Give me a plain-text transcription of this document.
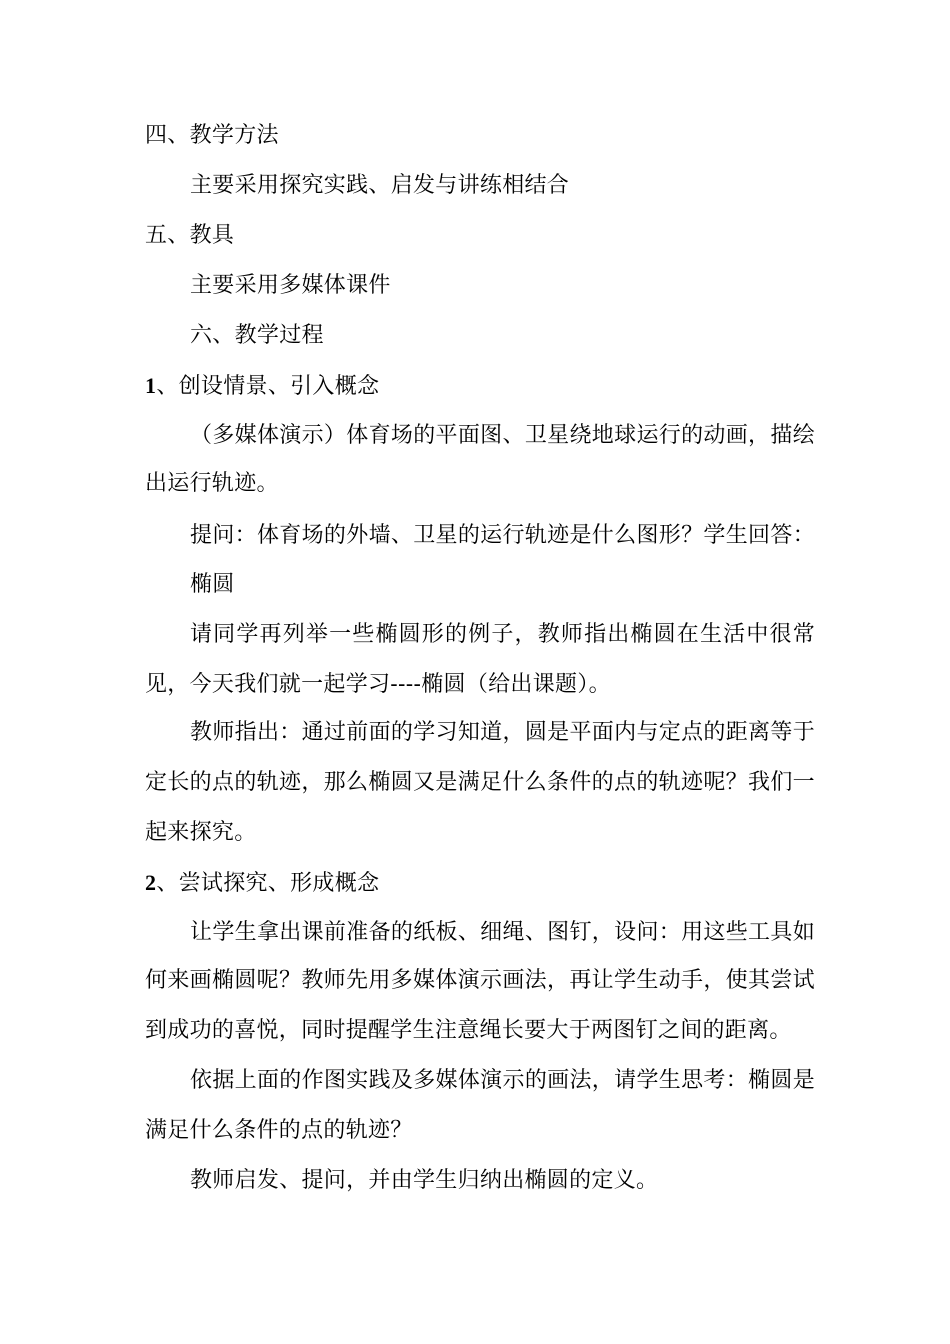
四、教学方法
主要采用探究实践、启发与讲练相结合
五、教具
主要采用多媒体课件
六、教学过程
1、创设情景、引入概念
（多媒体演示）体育场的平面图、卫星绕地球运行的动画，描绘
出运行轨迹。
提问：体育场的外墙、卫星的运行轨迹是什么图形？学生回答：
椭圆
请同学再列举一些椭圆形的例子，教师指出椭圆在生活中很常
见，今天我们就一起学习----椭圆（给出课题）。
教师指出：通过前面的学习知道，圆是平面内与定点的距离等于
定长的点的轨迹，那么椭圆又是满足什么条件的点的轨迹呢？我们一
起来探究。
2、尝试探究、形成概念
让学生拿出课前准备的纸板、细绳、图钉，设问：用这些工具如
何来画椭圆呢？教师先用多媒体演示画法，再让学生动手，使其尝试
到成功的喜悦，同时提醒学生注意绳长要大于两图钉之间的距离。
依据上面的作图实践及多媒体演示的画法，请学生思考：椭圆是
满足什么条件的点的轨迹？
教师启发、提问，并由学生归纳出椭圆的定义。
